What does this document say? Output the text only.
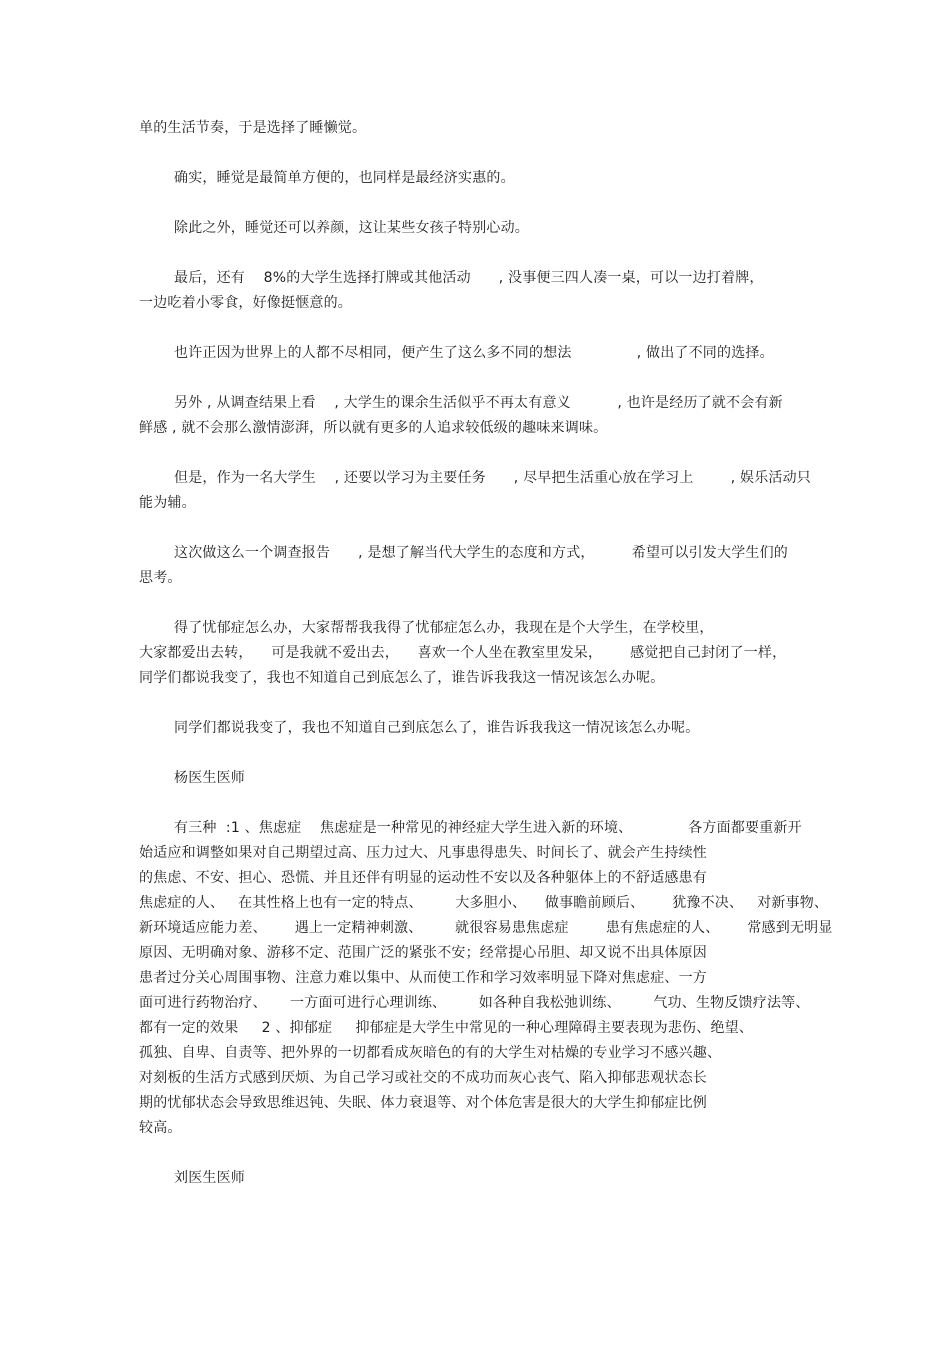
单的生活节奏，于是选择了睡懒觉。
确实，睡觉是最简单方便的，也同样是最经济实惠的。
除此之外，睡觉还可以养颜，这让某些女孩子特别心动。
最后，还有    8%的大学生选择打牌或其他活动      , 没事便三四人凑一桌，可以一边打着牌，
一边吃着小零食，好像挺惬意的。
也许正因为世界上的人都不尽相同，便产生了这么多不同的想法              , 做出了不同的选择。
另外 , 从调查结果上看    , 大学生的课余生活似乎不再太有意义          , 也许是经历了就不会有新
鲜感 , 就不会那么激情澎湃，所以就有更多的人追求较低级的趣味来调味。
但是，作为一名大学生    , 还要以学习为主要任务      , 尽早把生活重心放在学习上        , 娱乐活动只
能为辅。
这次做这么一个调查报告      , 是想了解当代大学生的态度和方式，        希望可以引发大学生们的
思考。
得了忧郁症怎么办，大家帮帮我我得了忧郁症怎么办，我现在是个大学生，在学校里，
大家都爱出去转，    可是我就不爱出去，    喜欢一个人坐在教室里发呆，      感觉把自己封闭了一样，
同学们都说我变了，我也不知道自己到底怎么了，谁告诉我我这一情况该怎么办呢。
同学们都说我变了，我也不知道自己到底怎么了，谁告诉我我这一情况该怎么办呢。
杨医生医师
有三种  :1 、焦虑症    焦虑症是一种常见的神经症大学生进入新的环境、            各方面都要重新开
始适应和调整如果对自己期望过高、压力过大、凡事患得患失、时间长了、就会产生持续性
的焦虑、不安、担心、恐慌、并且还伴有明显的运动性不安以及各种躯体上的不舒适感患有
焦虑症的人、   在其性格上也有一定的特点、       大多胆小、    做事瞻前顾后、      犹豫不决、   对新事物、
新环境适应能力差、      遇上一定精神刺激、       就很容易患焦虑症        患有焦虑症的人、      常感到无明显
原因、无明确对象、游移不定、范围广泛的紧张不安；经常提心吊胆、却又说不出具体原因
患者过分关心周围事物、注意力难以集中、从而使工作和学习效率明显下降对焦虑症、一方
面可进行药物治疗、     一方面可进行心理训练、       如各种自我松弛训练、       气功、生物反馈疗法等、
都有一定的效果     2 、抑郁症     抑郁症是大学生中常见的一种心理障碍主要表现为悲伤、绝望、
孤独、自卑、自责等、把外界的一切都看成灰暗色的有的大学生对枯燥的专业学习不感兴趣、
对刻板的生活方式感到厌烦、为自己学习或社交的不成功而灰心丧气、陷入抑郁悲观状态长
期的忧郁状态会导致思维迟钝、失眠、体力衰退等、对个体危害是很大的大学生抑郁症比例
较高。
刘医生医师
